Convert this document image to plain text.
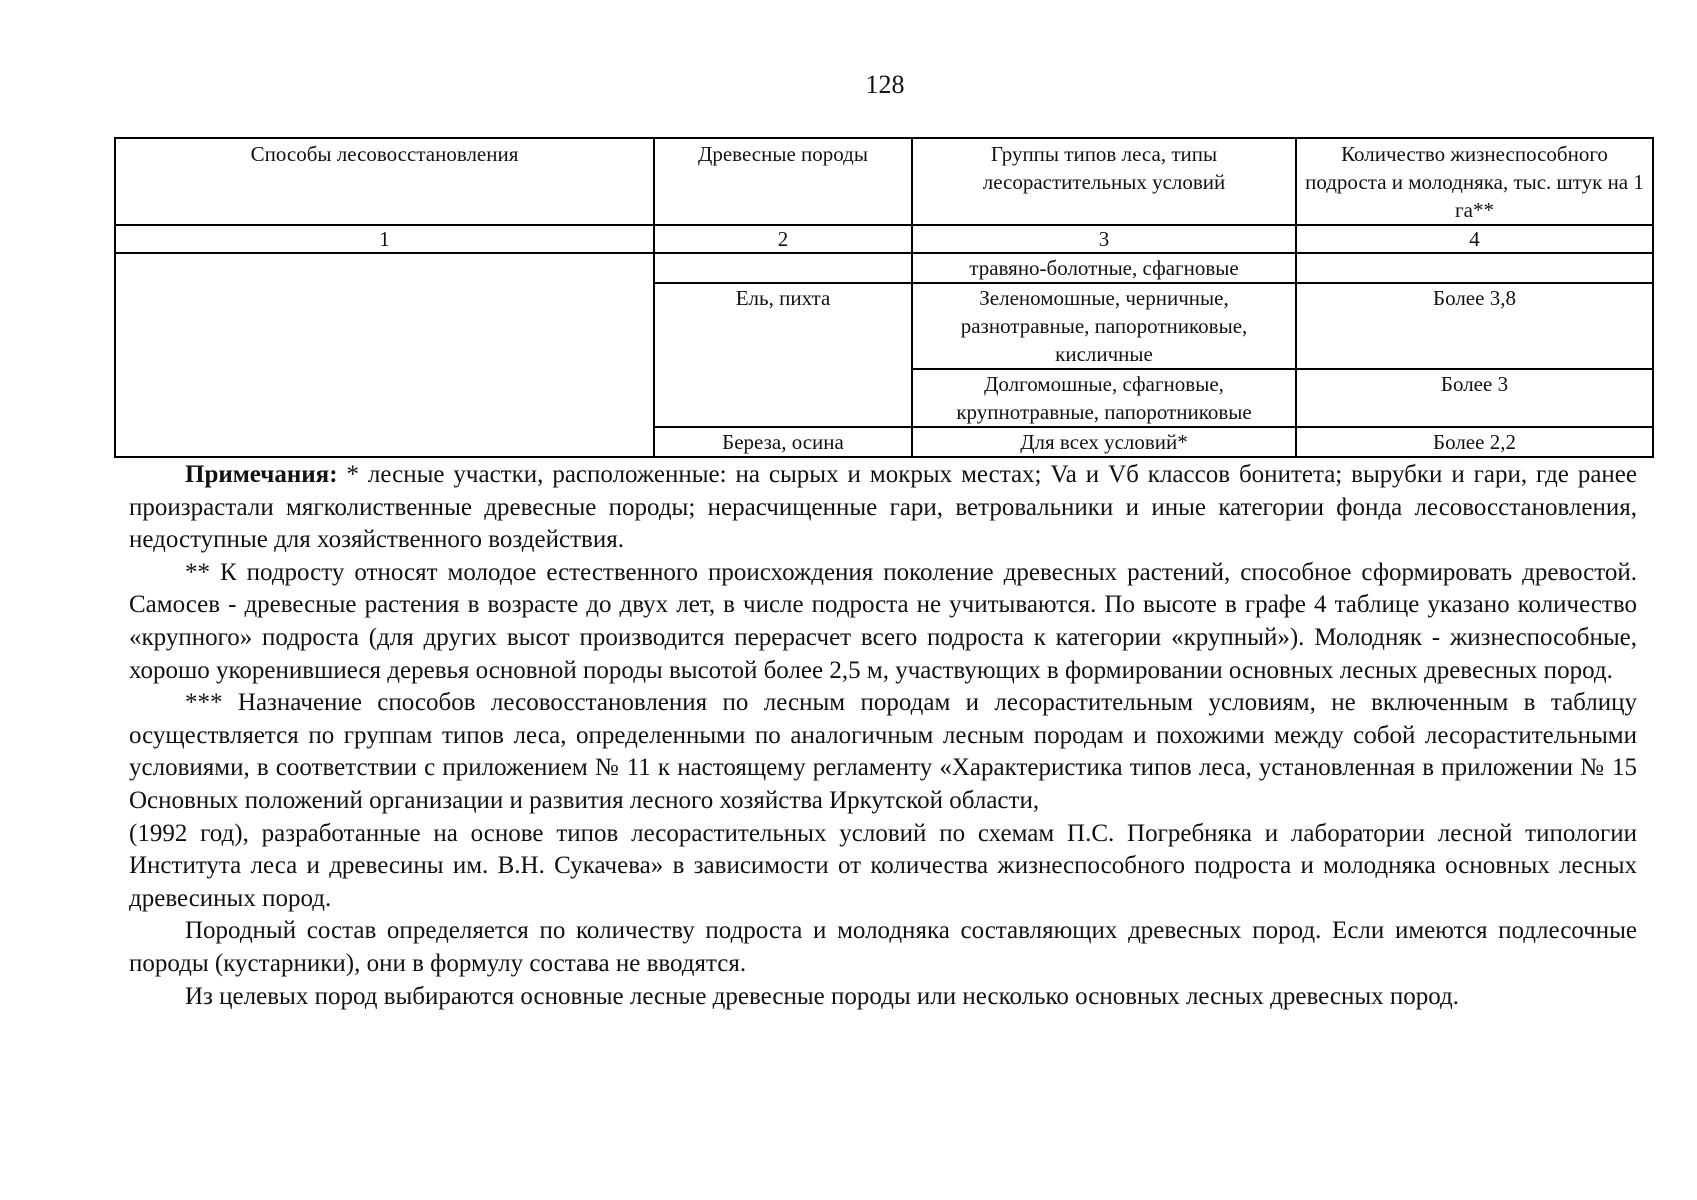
128
Способы лесовосстановления	Древесные породы	Группы типов леса, типы лесорастительных условий	Количество жизнеспособного подроста и молодняка, тыс. штук на 1 га**
1	2	3	4
		травяно-болотные, сфагновые	
	Ель, пихта	Зеленомошные, черничные, разнотравные, папоротниковые, кисличные	Более 3,8
		Долгомошные, сфагновые, крупнотравные, папоротниковые	Более 3
	Береза, осина	Для всех условий*	Более 2,2

Примечания: * лесные участки, расположенные: на сырых и мокрых местах; Va и Vб классов бонитета; вырубки и гари, где ранее произрастали мягколиственные древесные породы; нерасчищенные гари, ветровальники и иные категории фонда лесовосстановления, недоступные для хозяйственного воздействия.

** К подросту относят молодое естественного происхождения поколение древесных растений, способное сформировать древостой. Самосев - древесные растения в возрасте до двух лет, в числе подроста не учитываются. По высоте в графе 4 таблице указано количество «крупного» подроста (для других высот производится перерасчет всего подроста к категории «крупный»). Молодняк - жизнеспособные, хорошо укоренившиеся деревья основной породы высотой более 2,5 м, участвующих в формировании основных лесных древесных пород.

*** Назначение способов лесовосстановления по лесным породам и лесорастительным условиям, не включенным в таблицу осуществляется по группам типов леса, определенными по аналогичным лесным породам и похожими между собой лесорастительными условиями, в соответствии с приложением № 11 к настоящему регламенту «Характеристика типов леса, установленная в приложении № 15 Основных положений организации и развития лесного хозяйства Иркутской области,

(1992 год), разработанные на основе типов лесорастительных условий по схемам П.С. Погребняка и лаборатории лесной типологии Института леса и древесины им. В.Н. Сукачева» в зависимости от количества жизнеспособного подроста и молодняка основных лесных древесиных пород.

Породный состав определяется по количеству подроста и молодняка составляющих древесных пород. Если имеются подлесочные породы (кустарники), они в формулу состава не вводятся.

Из целевых пород выбираются основные лесные древесные породы или несколько основных лесных древесных пород.
